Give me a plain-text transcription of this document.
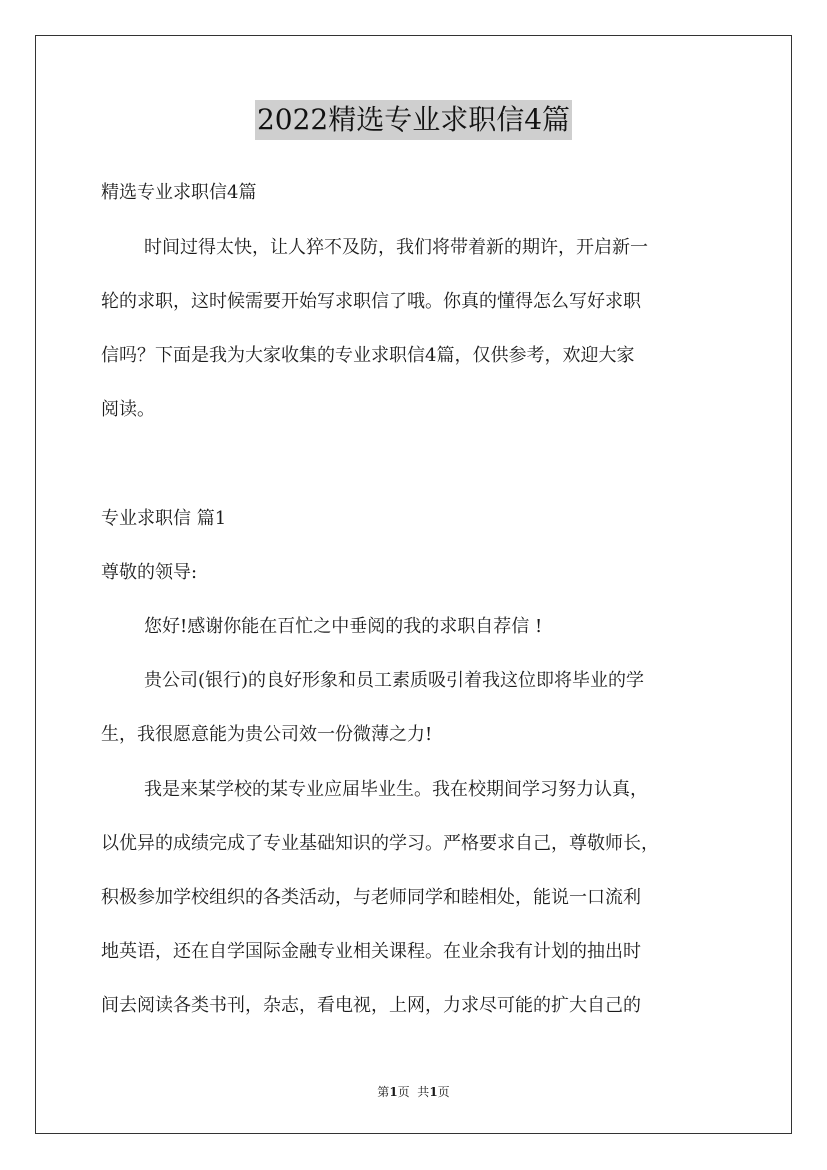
2022精选专业求职信4篇
精选专业求职信4篇
时间过得太快，让人猝不及防，我们将带着新的期许，开启新一
轮的求职，这时候需要开始写求职信了哦。你真的懂得怎么写好求职
信吗？下面是我为大家收集的专业求职信4篇，仅供参考，欢迎大家
阅读。
专业求职信 篇1
尊敬的领导:
您好!感谢你能在百忙之中垂阅的我的求职自荐信 !
贵公司(银行)的良好形象和员工素质吸引着我这位即将毕业的学
生，我很愿意能为贵公司效一份微薄之力!
我是来某学校的某专业应届毕业生。我在校期间学习努力认真，
以优异的成绩完成了专业基础知识的学习。严格要求自己，尊敬师长，
积极参加学校组织的各类活动，与老师同学和睦相处，能说一口流利
地英语，还在自学国际金融专业相关课程。在业余我有计划的抽出时
间去阅读各类书刊，杂志，看电视，上网，力求尽可能的扩大自己的
第1页  共1页
